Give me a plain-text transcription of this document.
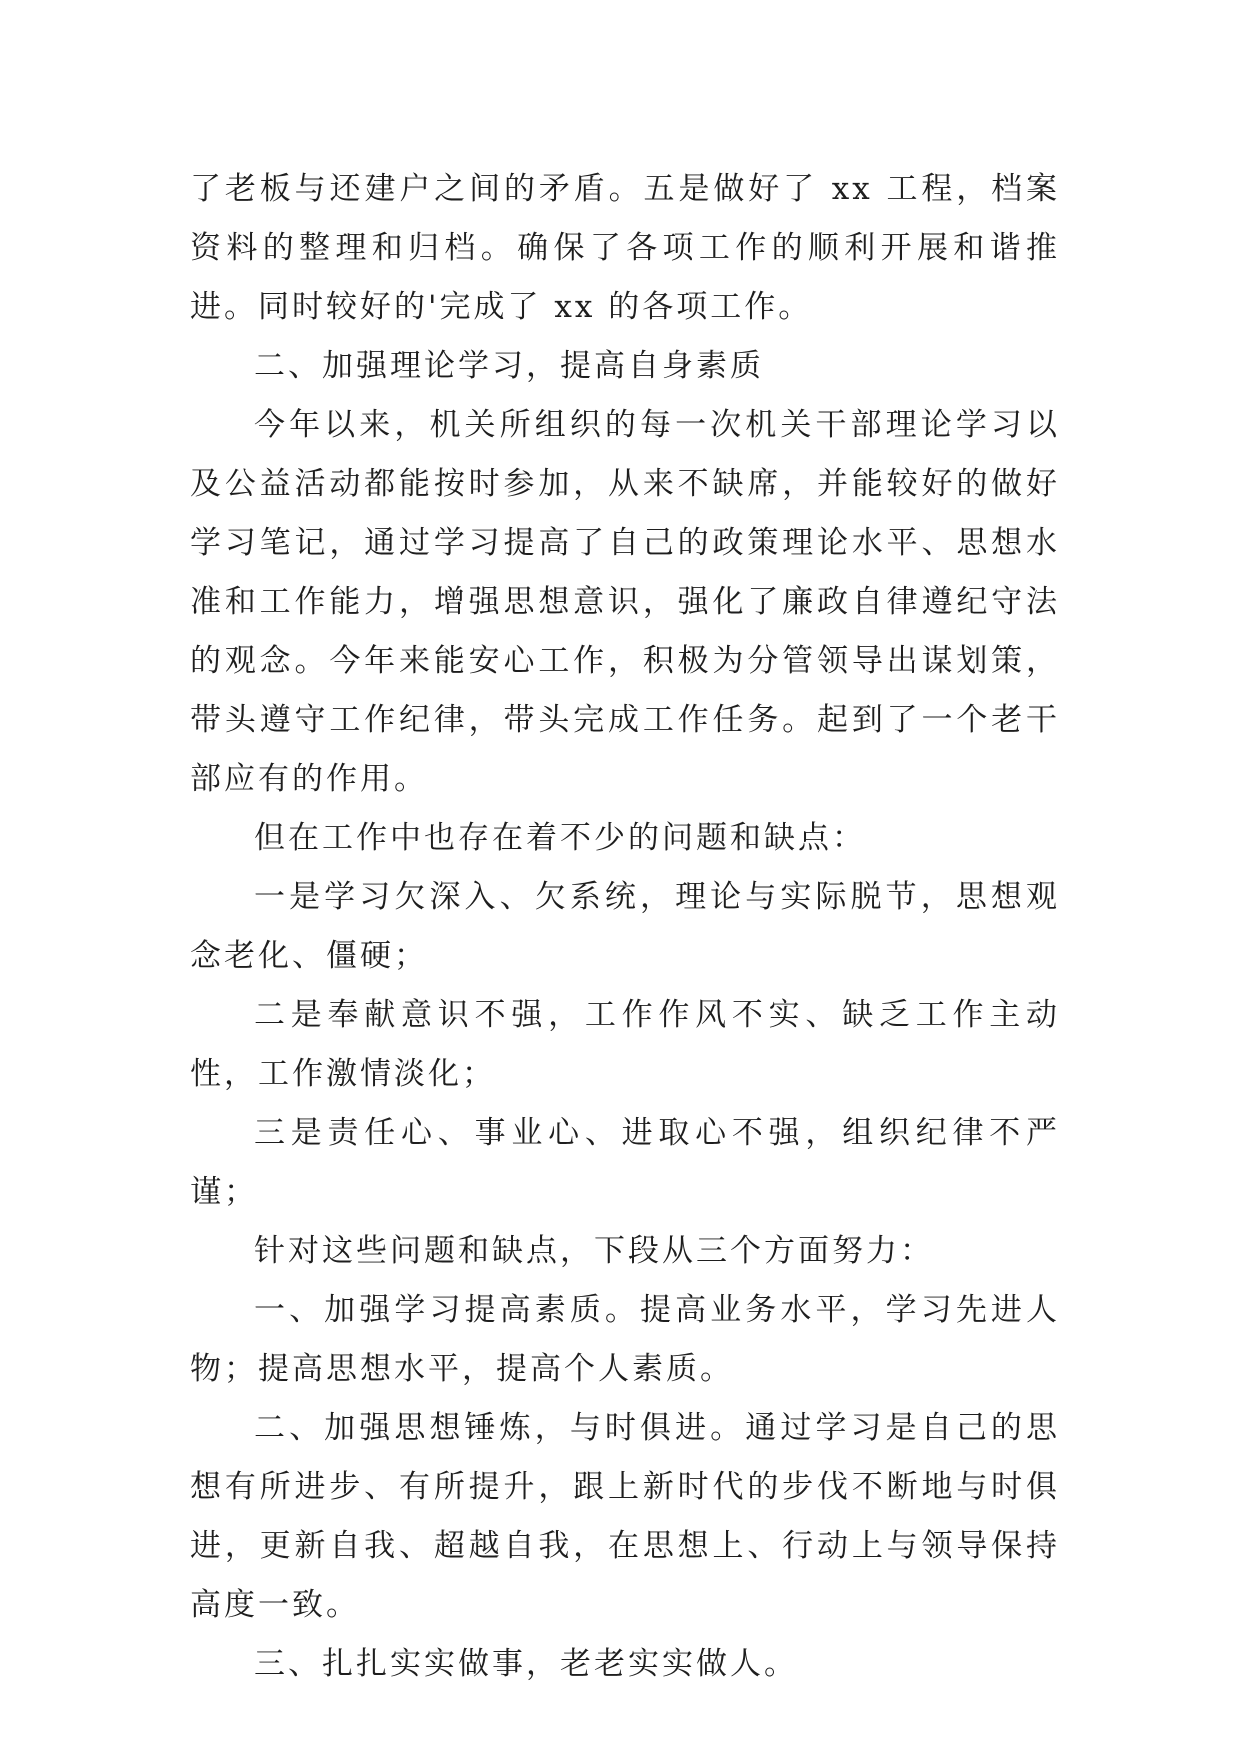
了老板与还建户之间的矛盾。五是做好了 xx 工程，档案资料的整理和归档。确保了各项工作的顺利开展和谐推进。同时较好的'完成了 xx 的各项工作。

二、加强理论学习，提高自身素质

今年以来，机关所组织的每一次机关干部理论学习以及公益活动都能按时参加，从来不缺席，并能较好的做好学习笔记，通过学习提高了自己的政策理论水平、思想水准和工作能力，增强思想意识，强化了廉政自律遵纪守法的观念。今年来能安心工作，积极为分管领导出谋划策，带头遵守工作纪律，带头完成工作任务。起到了一个老干部应有的作用。

但在工作中也存在着不少的问题和缺点：

一是学习欠深入、欠系统，理论与实际脱节，思想观念老化、僵硬；

二是奉献意识不强，工作作风不实、缺乏工作主动性，工作激情淡化；

三是责任心、事业心、进取心不强，组织纪律不严谨；

针对这些问题和缺点，下段从三个方面努力：

一、加强学习提高素质。提高业务水平，学习先进人物；提高思想水平，提高个人素质。

二、加强思想锤炼，与时俱进。通过学习是自己的思想有所进步、有所提升，跟上新时代的步伐不断地与时俱进，更新自我、超越自我，在思想上、行动上与领导保持高度一致。

三、扎扎实实做事，老老实实做人。
